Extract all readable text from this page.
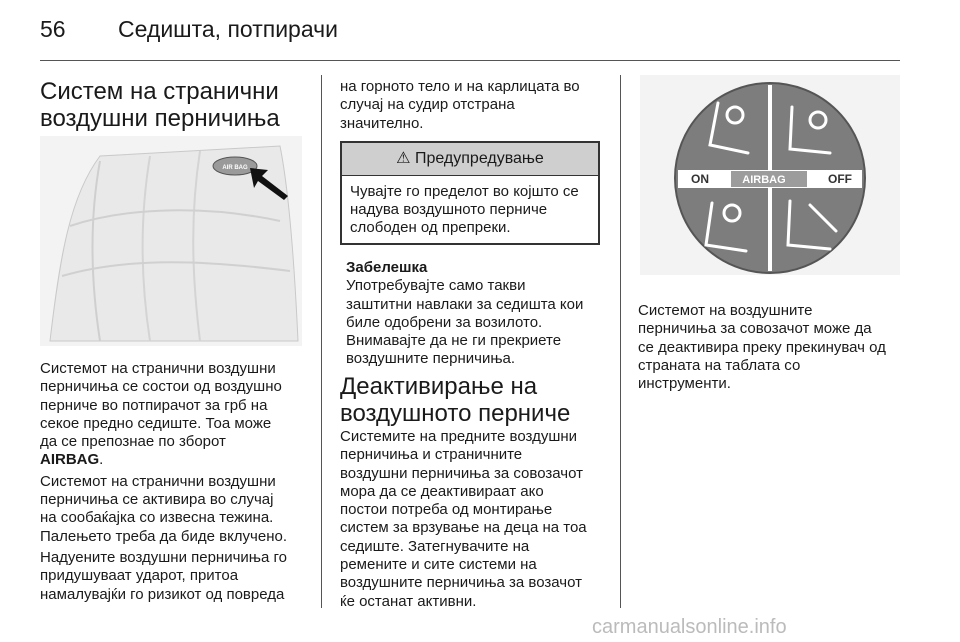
56 Седишта, потпирачи
Систем на странични
воздушни перничиња
AIR BAG
Системот на странични воздушни
перничиња се состои од воздушно
перниче во потпирачот за грб на
секое предно седиште. Тоа може
да се препознае по зборот
AIRBAG.
Системот на странични воздушни
перничиња се активира во случај
на сообаќајка со извесна тежина.
Палењето треба да биде вклучено.
Надуените воздушни перничиња го
придушуваат ударот, притоа
намалувајќи го ризикот од повреда
на горното тело и на карлицата во
случај на судир отстрана
значително.
⚠ Предупредување
Чувајте го пределот во којшто се
надува воздушното перниче
слободен од препреки.
Забелешка
Употребувајте само такви
заштитни навлаки за седишта кои
биле одобрени за возилото.
Внимавајте да не ги прекриете
воздушните перничиња.
Деактивирање на
воздушното перниче
Системите на предните воздушни
перничиња и страничните
воздушни перничиња за совозачот
мора да се деактивираат ако
постои потреба од монтирање
систем за врзување на деца на тоа
седиште. Затегнувачите на
ремените и сите системи на
воздушните перничиња за возачот
ќе останат активни.
ON	AIRBAG	OFF
Системот на воздушните
перничиња за совозачот може да
се деактивира преку прекинувач од
страната на таблата со
инструменти.
carmanualsonline.info
